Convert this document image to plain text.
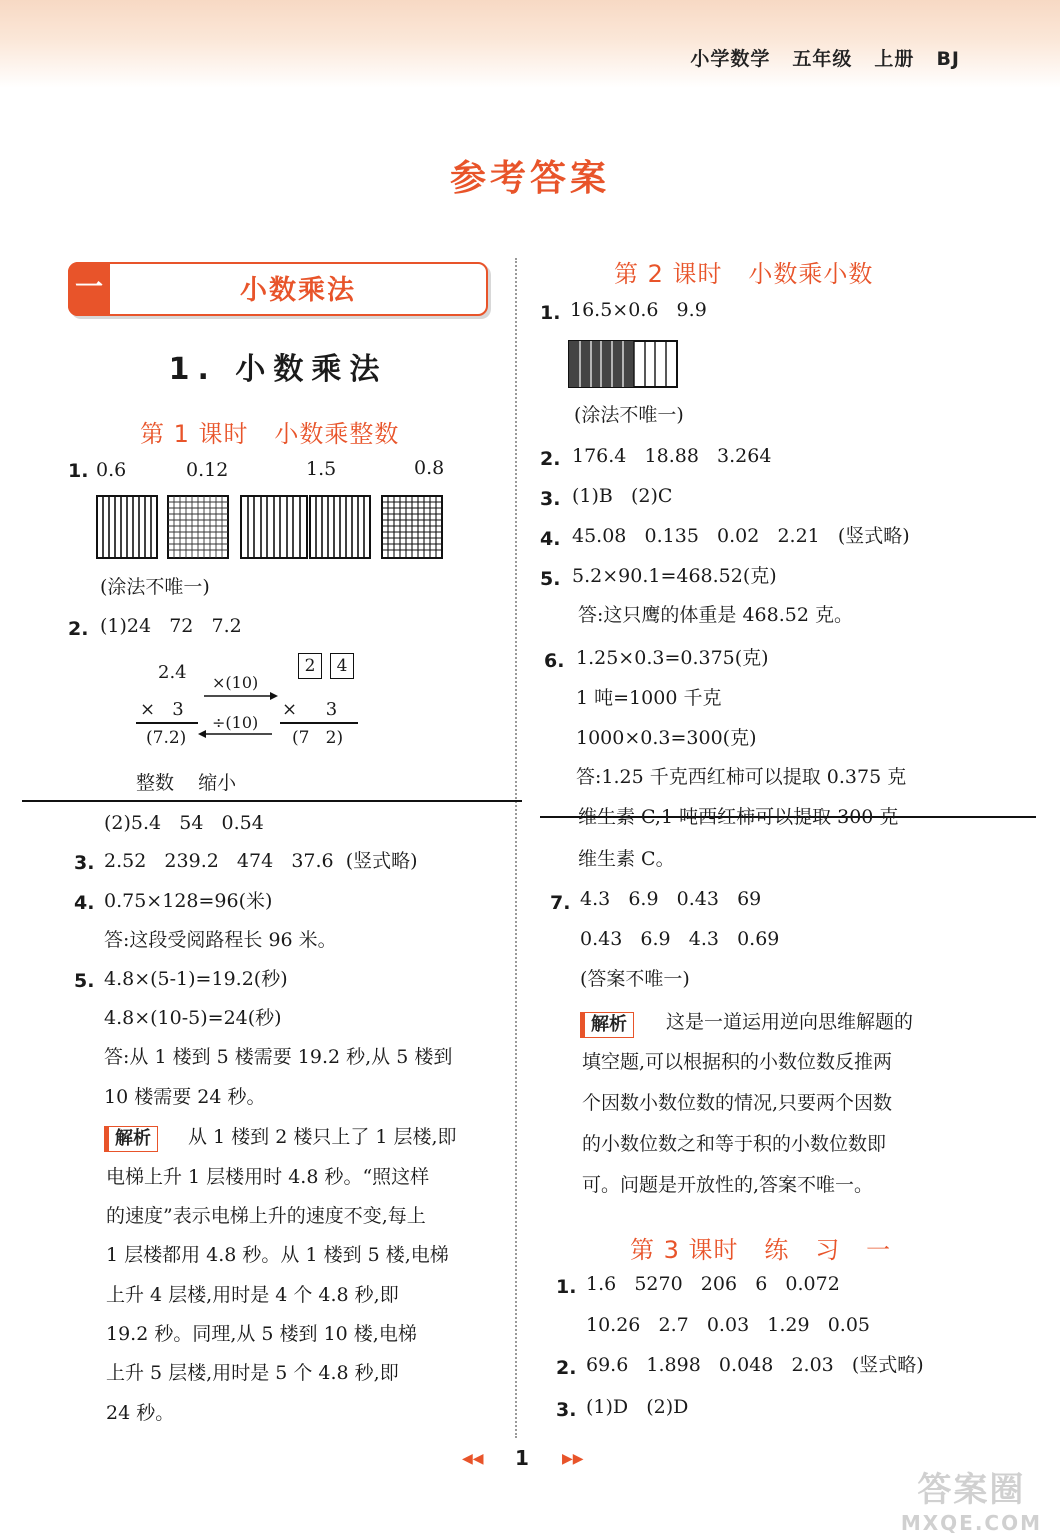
小学数学 五年级 上册 BJ
参考答案
一	小数乘法
1. 小数乘法
第 1 课时   小数乘整数
1. 0.6	0.12	1.5	0.8
(涂法不唯一)
2. (1)24   72   7.2
2.4 ×(10)
÷(10)
2	4
×   3	×     3
(7.2)	(7   2)
整数    缩小
(2)5.4   54   0.54
3. 2.52   239.2   474   37.6  (竖式略)
4. 0.75×128=96(米)
答:这段受阅路程长 96 米。
5. 4.8×(5-1)=19.2(秒)
4.8×(10-5)=24(秒)
答:从 1 楼到 5 楼需要 19.2 秒,从 5 楼到
10 楼需要 24 秒。
解析	从 1 楼到 2 楼只上了 1 层楼,即
电梯上升 1 层楼用时 4.8 秒。“照这样
的速度”表示电梯上升的速度不变,每上
1 层楼都用 4.8 秒。从 1 楼到 5 楼,电梯
上升 4 层楼,用时是 4 个 4.8 秒,即
19.2 秒。同理,从 5 楼到 10 楼,电梯
上升 5 层楼,用时是 5 个 4.8 秒,即
24 秒。
第 2 课时   小数乘小数
1. 16.5×0.6   9.9
(涂法不唯一)
2. 176.4   18.88   3.264
3. (1)B   (2)C
4. 45.08   0.135   0.02   2.21   (竖式略)
5. 5.2×90.1=468.52(克)
答:这只鹰的体重是 468.52 克。
6. 1.25×0.3=0.375(克)
1 吨=1000 千克
1000×0.3=300(克)
答:1.25 千克西红柿可以提取 0.375 克
维生素 C,1 吨西红柿可以提取 300 克
维生素 C。
7. 4.3   6.9   0.43   69
0.43   6.9   4.3   0.69
(答案不唯一)
解析	这是一道运用逆向思维解题的
填空题,可以根据积的小数位数反推两
个因数小数位数的情况,只要两个因数
的小数位数之和等于积的小数位数即
可。问题是开放性的,答案不唯一。
第 3 课时   练   习   一
1. 1.6   5270   206   6   0.072
10.26   2.7   0.03   1.29   0.05
2. 69.6   1.898   0.048   2.03   (竖式略)
3. (1)D   (2)D
◀◀ 1 ▶▶
答案圈
MXQE.COM
